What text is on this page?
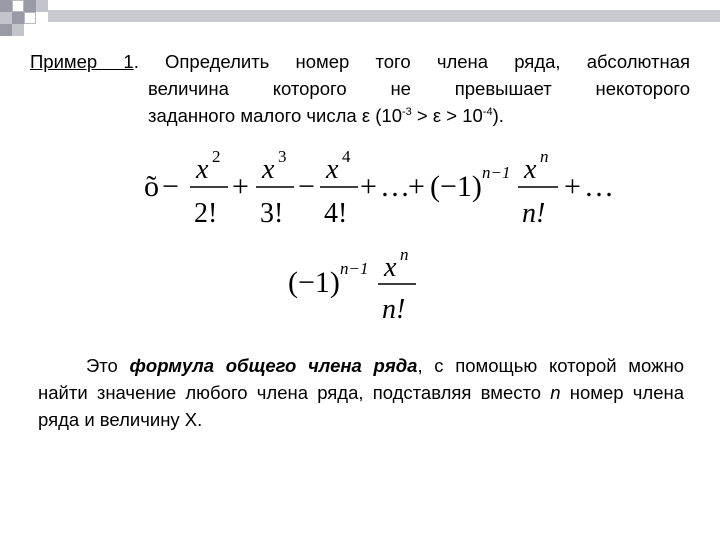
Пример 1. Определить номер того члена ряда, абсолютная
величина которого не превышает некоторого
заданного малого числа ε $(10^{-3} > \varepsilon > 10^{-4})$.
õ −
x 2
2!
+
x 3
3!
−
x 4
4!
+ …
+ (−1) n−1 x n
n!
+ …
(−1) n−1 x n
n!
Это формула общего члена ряда, с помощью которой можно найти значение любого члена ряда, подставляя вместо n номер члена ряда и величину X.
